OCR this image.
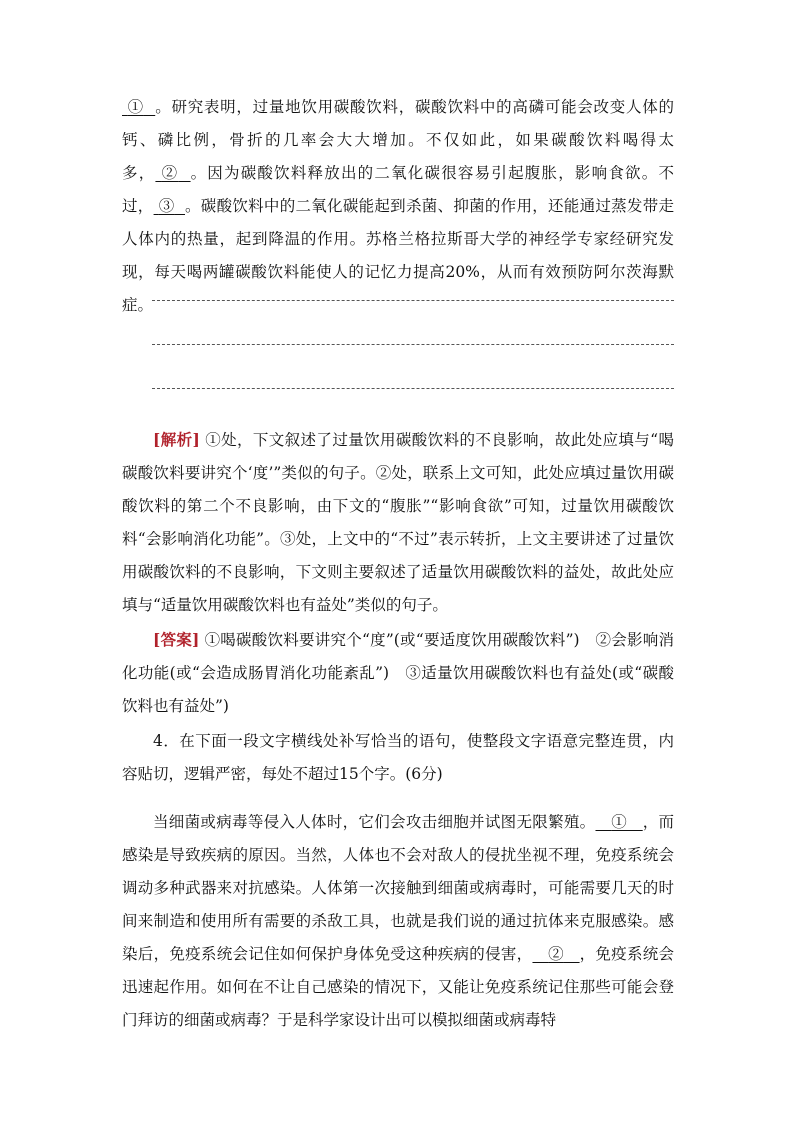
① 。研究表明，过量地饮用碳酸饮料，碳酸饮料中的高磷可能会改变人体的钙、磷比例，骨折的几率会大大增加。不仅如此，如果碳酸饮料喝得太多， ② 。因为碳酸饮料释放出的二氧化碳很容易引起腹胀，影响食欲。不过， ③ 。碳酸饮料中的二氧化碳能起到杀菌、抑菌的作用，还能通过蒸发带走人体内的热量，起到降温的作用。苏格兰格拉斯哥大学的神经学专家经研究发现，每天喝两罐碳酸饮料能使人的记忆力提高20%，从而有效预防阿尔茨海默症。
[解析] ①处，下文叙述了过量饮用碳酸饮料的不良影响，故此处应填与“喝碳酸饮料要讲究个‘度’”类似的句子。②处，联系上文可知，此处应填过量饮用碳酸饮料的第二个不良影响，由下文的“腹胀”“影响食欲”可知，过量饮用碳酸饮料“会影响消化功能”。③处，上文中的“不过”表示转折，上文主要讲述了过量饮用碳酸饮料的不良影响，下文则主要叙述了适量饮用碳酸饮料的益处，故此处应填与“适量饮用碳酸饮料也有益处”类似的句子。
[答案] ①喝碳酸饮料要讲究个“度”(或“要适度饮用碳酸饮料”)　②会影响消化功能(或“会造成肠胃消化功能紊乱”)　③适量饮用碳酸饮料也有益处(或“碳酸饮料也有益处”)
4．在下面一段文字横线处补写恰当的语句，使整段文字语意完整连贯，内容贴切，逻辑严密，每处不超过15个字。(6分)
当细菌或病毒等侵入人体时，它们会攻击细胞并试图无限繁殖。 ① ，而感染是导致疾病的原因。当然，人体也不会对敌人的侵扰坐视不理，免疫系统会调动多种武器来对抗感染。人体第一次接触到细菌或病毒时，可能需要几天的时间来制造和使用所有需要的杀敌工具，也就是我们说的通过抗体来克服感染。感染后，免疫系统会记住如何保护身体免受这种疾病的侵害， ② ，免疫系统会迅速起作用。如何在不让自己感染的情况下，又能让免疫系统记住那些可能会登门拜访的细菌或病毒？于是科学家设计出可以模拟细菌或病毒特
